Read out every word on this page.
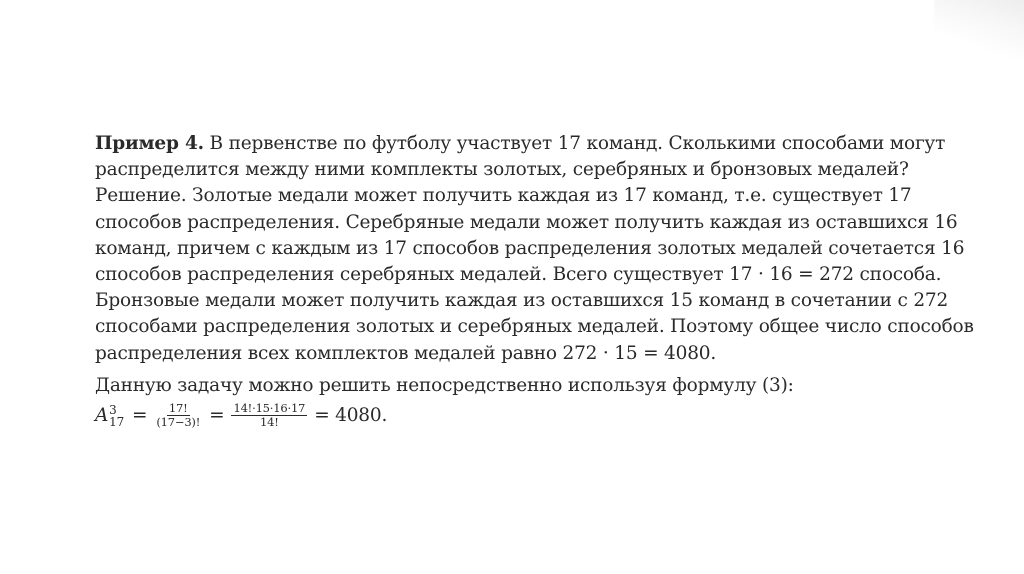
Пример 4. В первенстве по футболу участвует 17 команд. Сколькими способами могут
распределится между ними комплекты золотых, серебряных и бронзовых медалей?
Решение. Золотые медали может получить каждая из 17 команд, т.е. существует 17
способов распределения. Серебряные медали может получить каждая из оставшихся 16
команд, причем с каждым из 17 способов распределения золотых медалей сочетается 16
способов распределения серебряных медалей. Всего существует 17 · 16 = 272 способа.
Бронзовые медали может получить каждая из оставшихся 15 команд в сочетании с 272
способами распределения золотых и серебряных медалей. Поэтому общее число способов
распределения всех комплектов медалей равно 272 · 15 = 4080.
Данную задачу можно решить непосредственно используя формулу (3):
A 3
$17 = \frac{17!}{(17-3)!} = \frac{14!\cdot 15\cdot 16\cdot 17}{14!} = 4080$.
